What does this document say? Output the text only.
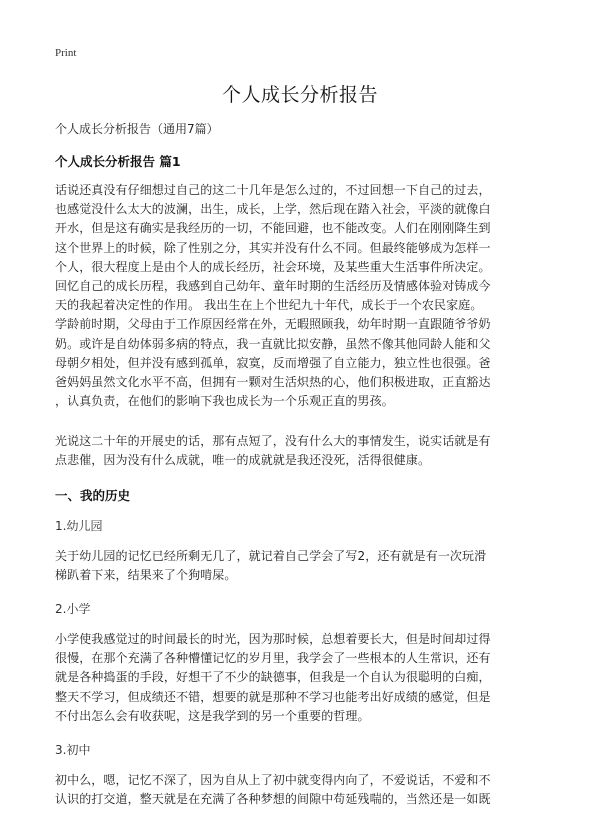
Print
个人成长分析报告
个人成长分析报告（通用7篇）
个人成长分析报告 篇1
话说还真没有仔细想过自己的这二十几年是怎么过的，不过回想一下自己的过去，
也感觉没什么太大的波澜，出生，成长，上学，然后现在踏入社会，平淡的就像白
开水，但是这有确实是我经历的一切，不能回避，也不能改变。人们在刚刚降生到
这个世界上的时候，除了性别之分，其实并没有什么不同。但最终能够成为怎样一
个人，很大程度上是由个人的成长经历，社会环境，及某些重大生活事件所决定。
回忆自己的成长历程，我感到自己幼年、童年时期的生活经历及情感体验对铸成今
天的我起着决定性的作用。 我出生在上个世纪九十年代，成长于一个农民家庭。
学龄前时期，父母由于工作原因经常在外，无暇照顾我，幼年时期一直跟随爷爷奶
奶。或许是自幼体弱多病的特点，我一直就比拟安静，虽然不像其他同龄人能和父
母朝夕相处，但并没有感到孤单，寂寞，反而增强了自立能力，独立性也很强。爸
爸妈妈虽然文化水平不高，但拥有一颗对生活炽热的心，他们积极进取，正直豁达
，认真负责，在他们的影响下我也成长为一个乐观正直的男孩。
光说这二十年的开展史的话，那有点短了，没有什么大的事情发生，说实话就是有
点悲催，因为没有什么成就，唯一的成就就是我还没死，活得很健康。
一、我的历史
1.幼儿园
关于幼儿园的记忆已经所剩无几了，就记着自己学会了写2，还有就是有一次玩滑
梯趴着下来，结果来了个狗啃屎。
2.小学
小学使我感觉过的时间最长的时光，因为那时候，总想着要长大，但是时间却过得
很慢，在那个充满了各种懵懂记忆的岁月里，我学会了一些根本的人生常识，还有
就是各种捣蛋的手段，好想干了不少的缺德事，但我是一个自认为很聪明的白痴，
整天不学习，但成绩还不错，想要的就是那种不学习也能考出好成绩的感觉，但是
不付出怎么会有收获呢，这是我学到的另一个重要的哲理。
3.初中
初中么，嗯，记忆不深了，因为自从上了初中就变得内向了，不爱说话，不爱和不
认识的打交道，整天就是在充满了各种梦想的间隙中苟延残喘的，当然还是一如既
